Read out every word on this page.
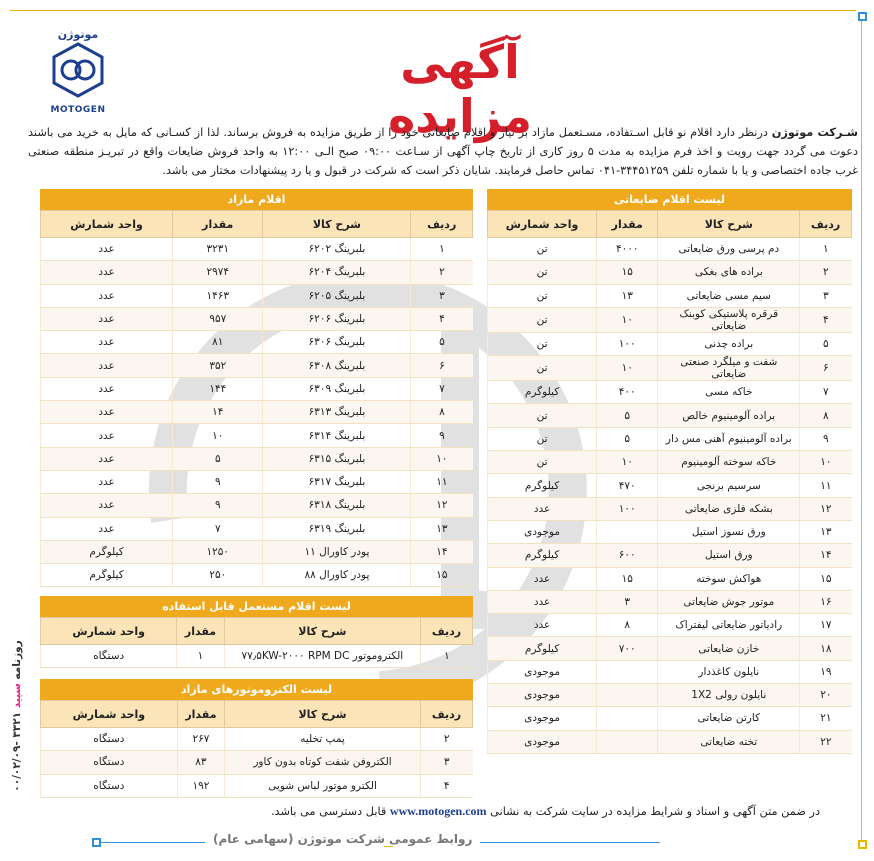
موتوژن
MOTOGEN
آگهی مزایده	شـرکت موتوژن درنظر دارد اقلام نو قابل اسـتفاده، مسـتعمل مازاد بر نیاز و اقلام ضایعاتی خود را از طریق مزایده به فروش برساند. لذا از کسـانی که مایل به خرید می باشند دعوت می گردد جهت رویت و اخذ فرم مزایده به مدت ۵ روز کاری از تاریخ چاپ آگهی از سـاعت ۰۹:۰۰ صبح الـی ۱۲:۰۰ به واحد فروش ضایعات واقع در تبریـز منطقه صنعتی غرب جاده اختصاصی و یا با شماره تلفن ۳۴۴۵۱۲۵۹-۰۴۱ تماس حاصل فرمایند. شایان ذکر است که شرکت در قبول و یا رد پیشنهادات مختار می باشد.
لیست اقلام ضایعاتی
ردیف	شرح کالا	مقدار	واحد شمارش
۱	دم پرسی ورق ضایعاتی	۴۰۰۰	تن
۲	براده های بغکی	۱۵	تن
۳	سیم مسی ضایعاتی	۱۳	تن
۴	قرقره پلاستیکی کوبنک ضایعاتی	۱۰	تن
۵	براده چدنی	۱۰۰	تن
۶	شفت و میلگرد صنعتی ضایعاتی	۱۰	تن
۷	خاکه مسی	۴۰۰	کیلوگرم
۸	براده آلومینیوم خالص	۵	تن
۹	براده آلومینیوم آهنی مس دار	۵	تن
۱۰	خاکه سوخته آلومینیوم	۱۰	تن
۱۱	سرسیم برنجی	۴۷۰	کیلوگرم
۱۲	بشکه فلزی ضایعاتی	۱۰۰	عدد
۱۳	ورق نسوز استیل		موجودی
۱۴	ورق استیل	۶۰۰	کیلوگرم
۱۵	هواکش سوخته	۱۵	عدد
۱۶	موتور جوش ضایعاتی	۳	عدد
۱۷	رادیاتور ضایعاتی لیفتراک	۸	عدد
۱۸	خازن ضایعاتی	۷۰۰	کیلوگرم
۱۹	نایلون کاغذدار		موجودی
۲۰	نایلون رولی 1X2		موجودی
۲۱	کارتن ضایعاتی		موجودی
۲۲	تخته ضایعاتی		موجودی
اقلام مازاد
ردیف	شرح کالا	مقدار	واحد شمارش
۱	بلبرینگ ۶۲۰۲	۳۲۳۱	عدد
۲	بلبرینگ ۶۲۰۴	۲۹۷۴	عدد
۳	بلبرینگ ۶۲۰۵	۱۴۶۳	عدد
۴	بلبرینگ ۶۲۰۶	۹۵۷	عدد
۵	بلبرینگ ۶۳۰۶	۸۱	عدد
۶	بلبرینگ ۶۳۰۸	۳۵۲	عدد
۷	بلبرینگ ۶۳۰۹	۱۴۴	عدد
۸	بلبرینگ ۶۳۱۳	۱۴	عدد
۹	بلبرینگ ۶۳۱۴	۱۰	عدد
۱۰	بلبرینگ ۶۳۱۵	۵	عدد
۱۱	بلبرینگ ۶۳۱۷	۹	عدد
۱۲	بلبرینگ ۶۳۱۸	۹	عدد
۱۳	بلبرینگ ۶۳۱۹	۷	عدد
۱۴	پودر کاورال ۱۱	۱۲۵۰	کیلوگرم
۱۵	پودر کاورال ۸۸	۲۵۰	کیلوگرم
لیست اقلام مستعمل قابل استفاده
ردیف	شرح کالا	مقدار	واحد شمارش
۱	الکتروموتور ۷۷٫۵KW-۲۰۰۰ RPM DC	۱	دستگاه
لیست الکتروموتورهای مازاد
ردیف	شرح کالا	مقدار	واحد شمارش
۲	پمپ تخلیه	۲۶۷	دستگاه
۳	الکتروفن شفت کوتاه بدون کاور	۸۳	دستگاه
۴	الکترو موتور لباس شویی	۱۹۲	دستگاه
در ضمن متن آگهی و اسناد و شرایط مزایده در سایت شرکت به نشانی www.motogen.com قابل دسترسی می باشد.
روابط عمومی شرکت موتوژن (سهامی عام)
روزنامه سپید ۳۳۲۱ -۰۰/۰۲/۰۹
